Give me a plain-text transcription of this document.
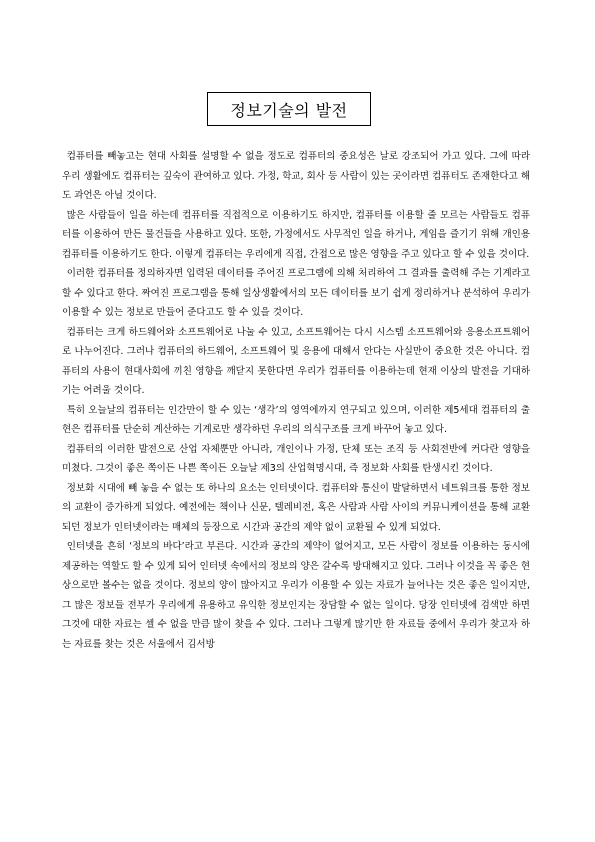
정보기술의 발전

컴퓨터를 빼놓고는 현대 사회를 설명할 수 없을 정도로 컴퓨터의 중요성은 날로 강조되어 가고 있다. 그에 따라 우리 생활에도 컴퓨터는 깊숙이 관여하고 있다. 가정, 학교, 회사 등 사람이 있는 곳이라면 컴퓨터도 존재한다고 해도 과언은 아닐 것이다.

많은 사람들이 일을 하는데 컴퓨터를 직접적으로 이용하기도 하지만, 컴퓨터를 이용할 줄 모르는 사람들도 컴퓨터를 이용하여 만든 물건들을 사용하고 있다. 또한, 가정에서도 사무적인 일을 하거나, 게임을 즐기기 위해 개인용 컴퓨터를 이용하기도 한다. 이렇게 컴퓨터는 우리에게 직접, 간접으로 많은 영향을 주고 있다고 할 수 있을 것이다.

이러한 컴퓨터를 정의하자면 입력된 데이터를 주어진 프로그램에 의해 처리하여 그 결과를 출력해 주는 기계라고 할 수 있다고 한다. 짜여진 프로그램을 통해 일상생활에서의 모든 데이터를 보기 쉽게 정리하거나 분석하여 우리가 이용할 수 있는 정보로 만들어 준다고도 할 수 있을 것이다.

컴퓨터는 크게 하드웨어와 소프트웨어로 나눌 수 있고, 소프트웨어는 다시 시스템 소프트웨어와 응용소프트웨어로 나누어진다. 그러나 컴퓨터의 하드웨어, 소프트웨어 및 응용에 대해서 안다는 사실만이 중요한 것은 아니다. 컴퓨터의 사용이 현대사회에 끼친 영향을 깨닫지 못한다면 우리가 컴퓨터를 이용하는데 현재 이상의 발전을 기대하기는 어려울 것이다.

특히 오늘날의 컴퓨터는 인간만이 할 수 있는 ‘생각’의 영역에까지 연구되고 있으며, 이러한 제5세대 컴퓨터의 출현은 컴퓨터를 단순히 계산하는 기계로만 생각하던 우리의 의식구조를 크게 바꾸어 놓고 있다.

컴퓨터의 이러한 발전으로 산업 자체뿐만 아니라, 개인이나 가정, 단체 또는 조직 등 사회전반에 커다란 영향을 미쳤다. 그것이 좋은 쪽이든 나쁜 쪽이든 오늘날 제3의 산업혁명시대, 즉 정보화 사회를 탄생시킨 것이다.

정보화 시대에 빼 놓을 수 없는 또 하나의 요소는 인터넷이다. 컴퓨터와 통신이 발달하면서 네트워크를 통한 정보의 교환이 증가하게 되었다. 예전에는 책이나 신문, 텔레비전, 혹은 사람과 사람 사이의 커뮤니케이션을 통해 교환되던 정보가 인터넷이라는 매체의 등장으로 시간과 공간의 제약 없이 교환될 수 있게 되었다.

인터넷을 흔히 ‘정보의 바다’라고 부른다. 시간과 공간의 제약이 없어지고, 모든 사람이 정보를 이용하는 동시에 제공하는 역할도 할 수 있게 되어 인터넷 속에서의 정보의 양은 갈수록 방대해지고 있다. 그러나 이것을 꼭 좋은 현상으로만 볼수는 없을 것이다. 정보의 양이 많아지고 우리가 이용할 수 있는 자료가 늘어나는 것은 좋은 일이지만, 그 많은 정보들 전부가 우리에게 유용하고 유익한 정보인지는 장담할 수 없는 일이다. 당장 인터넷에 검색만 하면 그것에 대한 자료는 셀 수 없을 만큼 많이 찾을 수 있다. 그러나 그렇게 많기만 한 자료들 중에서 우리가 찾고자 하는 자료를 찾는 것은 서울에서 김서방
